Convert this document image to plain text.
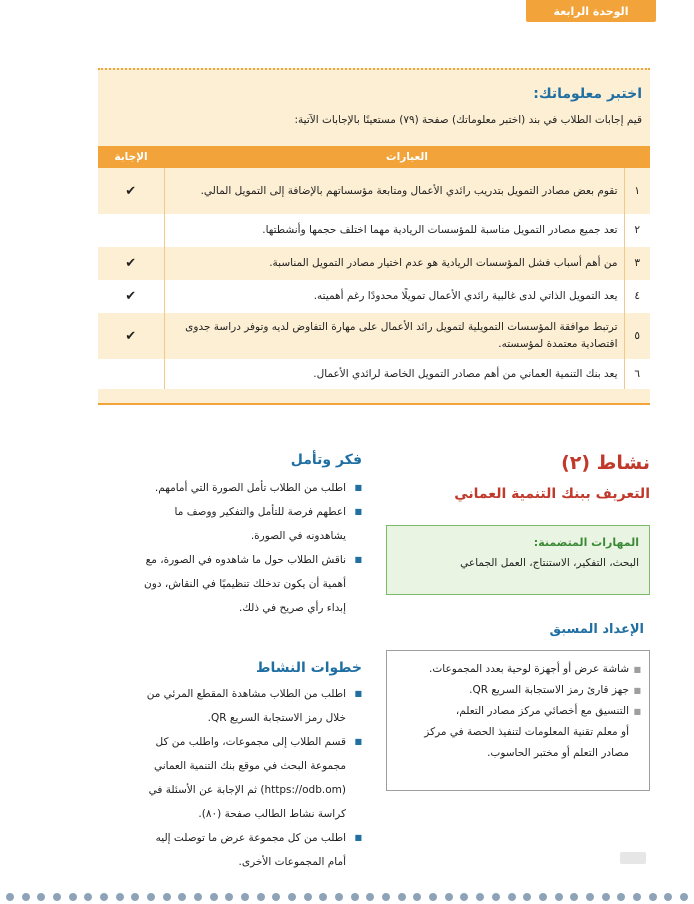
الوحدة الرابعة
اختبر معلوماتك:
قيم إجابات الطلاب في بند (اختبر معلوماتك) صفحة (٧٩) مستعينًا بالإجابات الآتية:
العبارات		الإجابة
١	تقوم بعض مصادر التمويل بتدريب رائدي الأعمال ومتابعة مؤسساتهم بالإضافة إلى التمويل المالي.	✔
٢	تعد جميع مصادر التمويل مناسبة للمؤسسات الريادية مهما اختلف حجمها وأنشطتها.	
٣	من أهم أسباب فشل المؤسسات الريادية هو عدم اختيار مصادر التمويل المناسبة.	✔
٤	يعد التمويل الذاتي لدى غالبية رائدي الأعمال تمويلًا محدودًا رغم أهميته.	✔
٥	ترتبط موافقة المؤسسات التمويلية لتمويل رائد الأعمال على مهارة التفاوض لديه وتوفر دراسة جدوى اقتصادية معتمدة لمؤسسته.	✔
٦	يعد بنك التنمية العماني من أهم مصادر التمويل الخاصة لرائدي الأعمال.	
نشاط (٢)
التعريف ببنك التنمية العماني
المهارات المتضمنة:
البحث، التفكير، الاستنتاج، العمل الجماعي
الإعداد المسبق
■
شاشة عرض أو أجهزة لوحية بعدد المجموعات.
■
جهز قارئ رمز الاستجابة السريع QR.
■
التنسيق مع أخصائي مركز مصادر التعلم،
أو معلم تقنية المعلومات لتنفيذ الحصة في مركز مصادر التعلم أو مختبر الحاسوب.
فكر وتأمل
■
اطلب من الطلاب تأمل الصورة التي أمامهم.
■
اعطهم فرصة للتأمل والتفكير ووصف ما
يشاهدونه في الصورة.
■
ناقش الطلاب حول ما شاهدوه في الصورة، مع
أهمية أن يكون تدخلك تنظيميًا في النقاش، دون
إبداء رأي صريح في ذلك.
خطوات النشاط
■
اطلب من الطلاب مشاهدة المقطع المرئي من
خلال رمز الاستجابة السريع QR.
■
قسم الطلاب إلى مجموعات، واطلب من كل
مجموعة البحث في موقع بنك التنمية العماني
(https://odb.om) ثم الإجابة عن الأسئلة في
كراسة نشاط الطالب صفحة (٨٠).
■
اطلب من كل مجموعة عرض ما توصلت إليه
أمام المجموعات الأخرى.
